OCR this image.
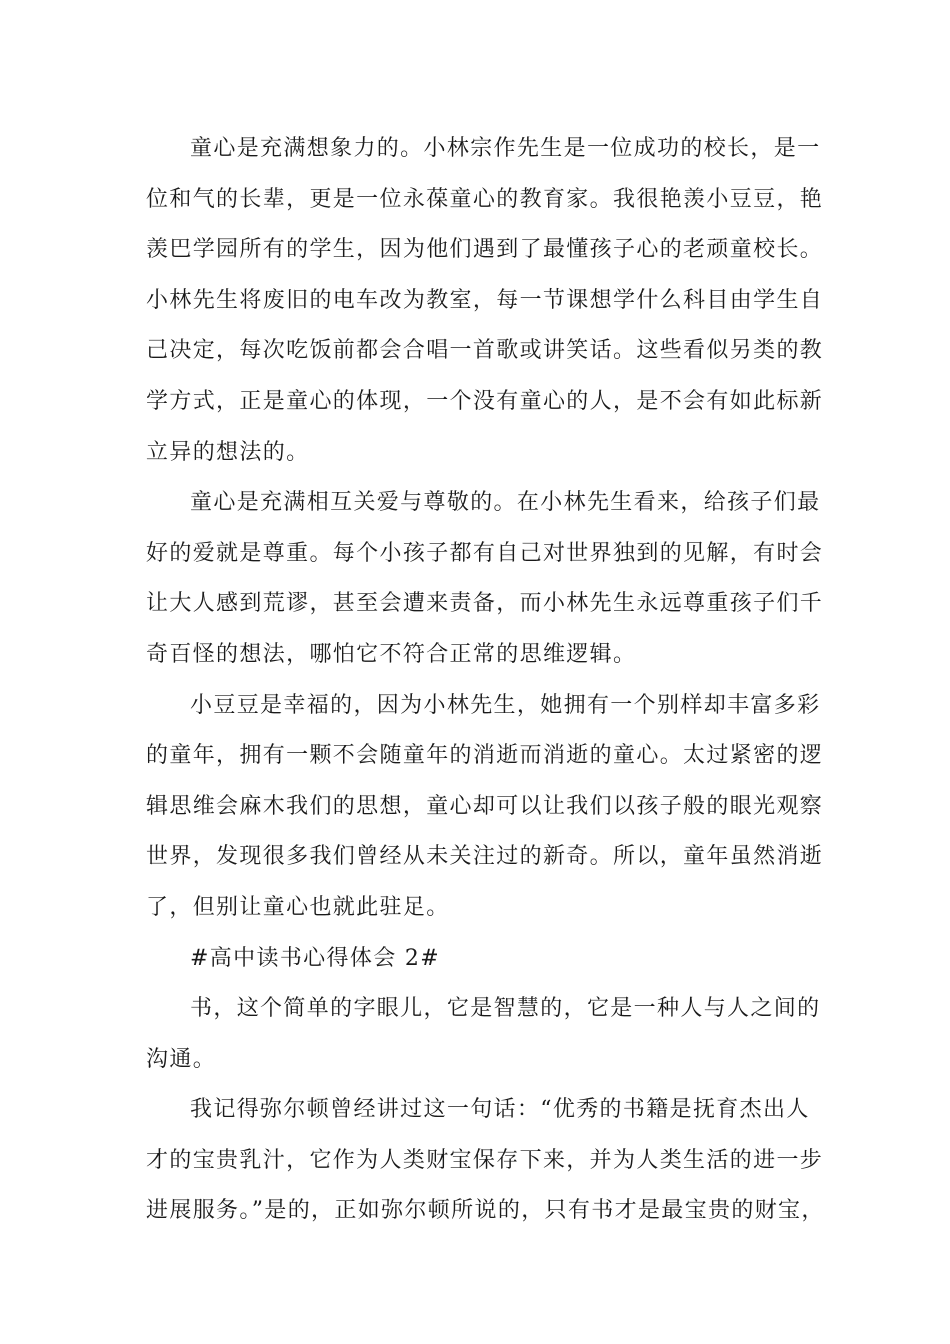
童心是充满想象力的。小林宗作先生是一位成功的校长，是一
位和气的长辈，更是一位永葆童心的教育家。我很艳羡小豆豆，艳
羡巴学园所有的学生，因为他们遇到了最懂孩子心的老顽童校长。
小林先生将废旧的电车改为教室，每一节课想学什么科目由学生自
己决定，每次吃饭前都会合唱一首歌或讲笑话。这些看似另类的教
学方式，正是童心的体现，一个没有童心的人，是不会有如此标新
立异的想法的。

童心是充满相互关爱与尊敬的。在小林先生看来，给孩子们最
好的爱就是尊重。每个小孩子都有自己对世界独到的见解，有时会
让大人感到荒谬，甚至会遭来责备，而小林先生永远尊重孩子们千
奇百怪的想法，哪怕它不符合正常的思维逻辑。

小豆豆是幸福的，因为小林先生，她拥有一个别样却丰富多彩
的童年，拥有一颗不会随童年的消逝而消逝的童心。太过紧密的逻
辑思维会麻木我们的思想，童心却可以让我们以孩子般的眼光观察
世界，发现很多我们曾经从未关注过的新奇。所以，童年虽然消逝
了，但别让童心也就此驻足。

#高中读书心得体会 2#

书，这个简单的字眼儿，它是智慧的，它是一种人与人之间的
沟通。

我记得弥尔顿曾经讲过这一句话：“优秀的书籍是抚育杰出人
才的宝贵乳汁，它作为人类财宝保存下来，并为人类生活的进一步
进展服务。”是的，正如弥尔顿所说的，只有书才是最宝贵的财宝，
